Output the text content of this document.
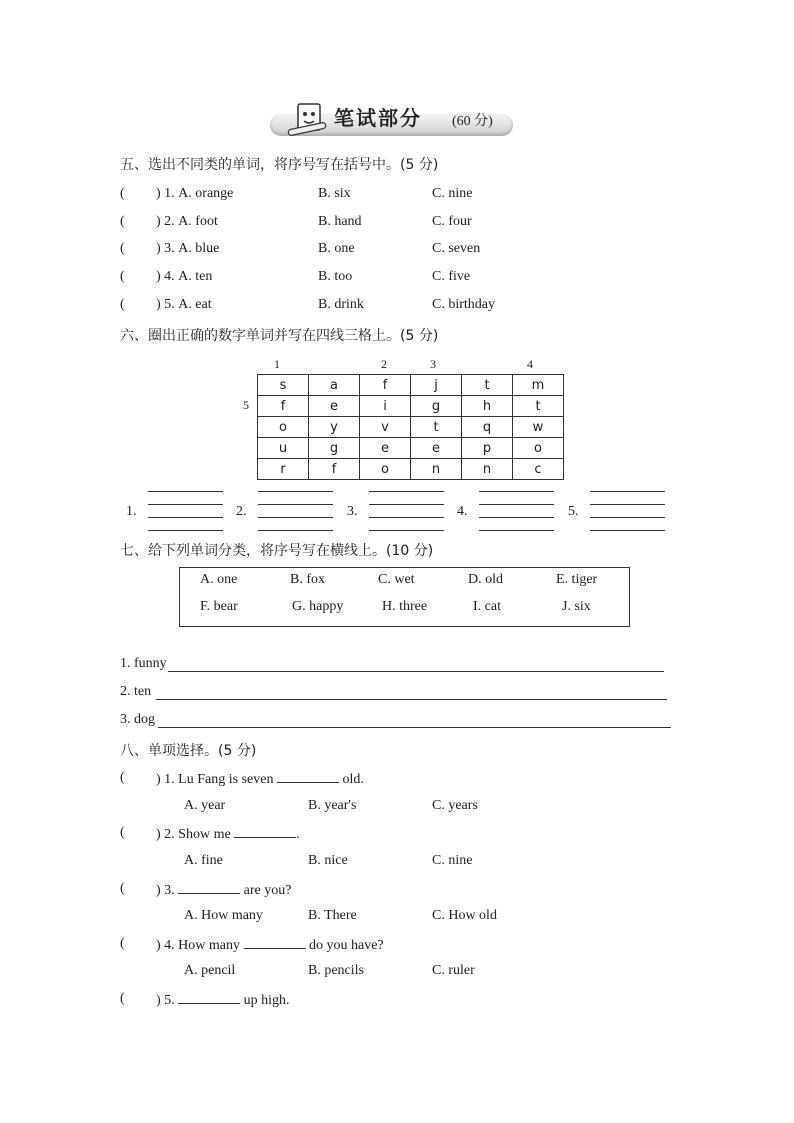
笔试部分 (60 分)
五、选出不同类的单词，将序号写在括号中。(5 分)
( ) 1. A. orange	B. six	C. nine
( ) 2. A. foot	B. hand	C. four
( ) 3. A. blue	B. one	C. seven
( ) 4. A. ten	B. too	C. five
( ) 5. A. eat	B. drink	C. birthday
六、圈出正确的数字单词并写在四线三格上。(5 分)
1	2	3	4
5
s	a	f	j	t	m
f	e	i	g	h	t
o	y	v	t	q	w
u	g	e	e	p	o
r	f	o	n	n	c
1.	2.	3.	4.	5.
七、给下列单词分类，将序号写在横线上。(10 分)
A. one	B. fox	C. wet	D. old	E. tiger
F. bear	G. happy	H. three	I. cat	J. six
1. funny
2. ten
3. dog
八、单项选择。(5 分)
( ) 1. Lu Fang is seven	old.
A. year	B. year's	C. years
( ) 2. Show me	.
A. fine	B. nice	C. nine
( ) 3.	are you?
A. How many	B. There	C. How old
( ) 4. How many	do you have?
A. pencil	B. pencils	C. ruler
( ) 5.	up high.
